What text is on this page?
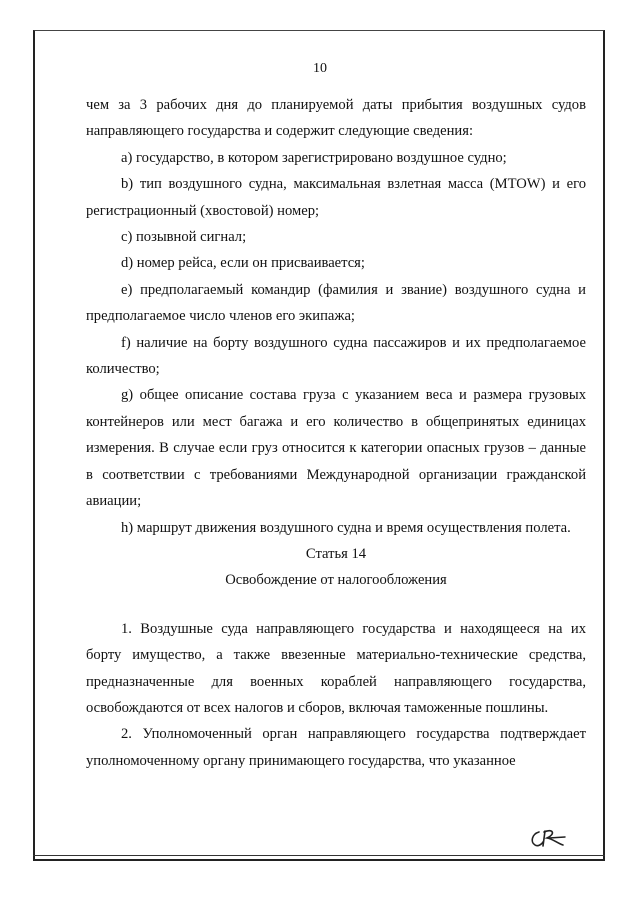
10

чем за 3 рабочих дня до планируемой даты прибытия воздушных судов направляющего государства и содержит следующие сведения:

a) государство, в котором зарегистрировано воздушное судно;

b) тип воздушного судна, максимальная взлетная масса (MTOW) и его регистрационный (хвостовой) номер;

c) позывной сигнал;

d) номер рейса, если он присваивается;

e) предполагаемый командир (фамилия и звание) воздушного судна и предполагаемое число членов его экипажа;

f) наличие на борту воздушного судна пассажиров и их предполагаемое количество;

g) общее описание состава груза с указанием веса и размера грузовых контейнеров или мест багажа и его количество в общепринятых единицах измерения. В случае если груз относится к категории опасных грузов – данные в соответствии с требованиями Международной организации гражданской авиации;

h) маршрут движения воздушного судна и время осуществления полета.

Статья 14

Освобождение от налогообложения

1. Воздушные суда направляющего государства и находящееся на их борту имущество, а также ввезенные материально-технические средства, предназначенные для военных кораблей направляющего государства, освобождаются от всех налогов и сборов, включая таможенные пошлины.

2. Уполномоченный орган направляющего государства подтверждает уполномоченному органу принимающего государства, что указанное
